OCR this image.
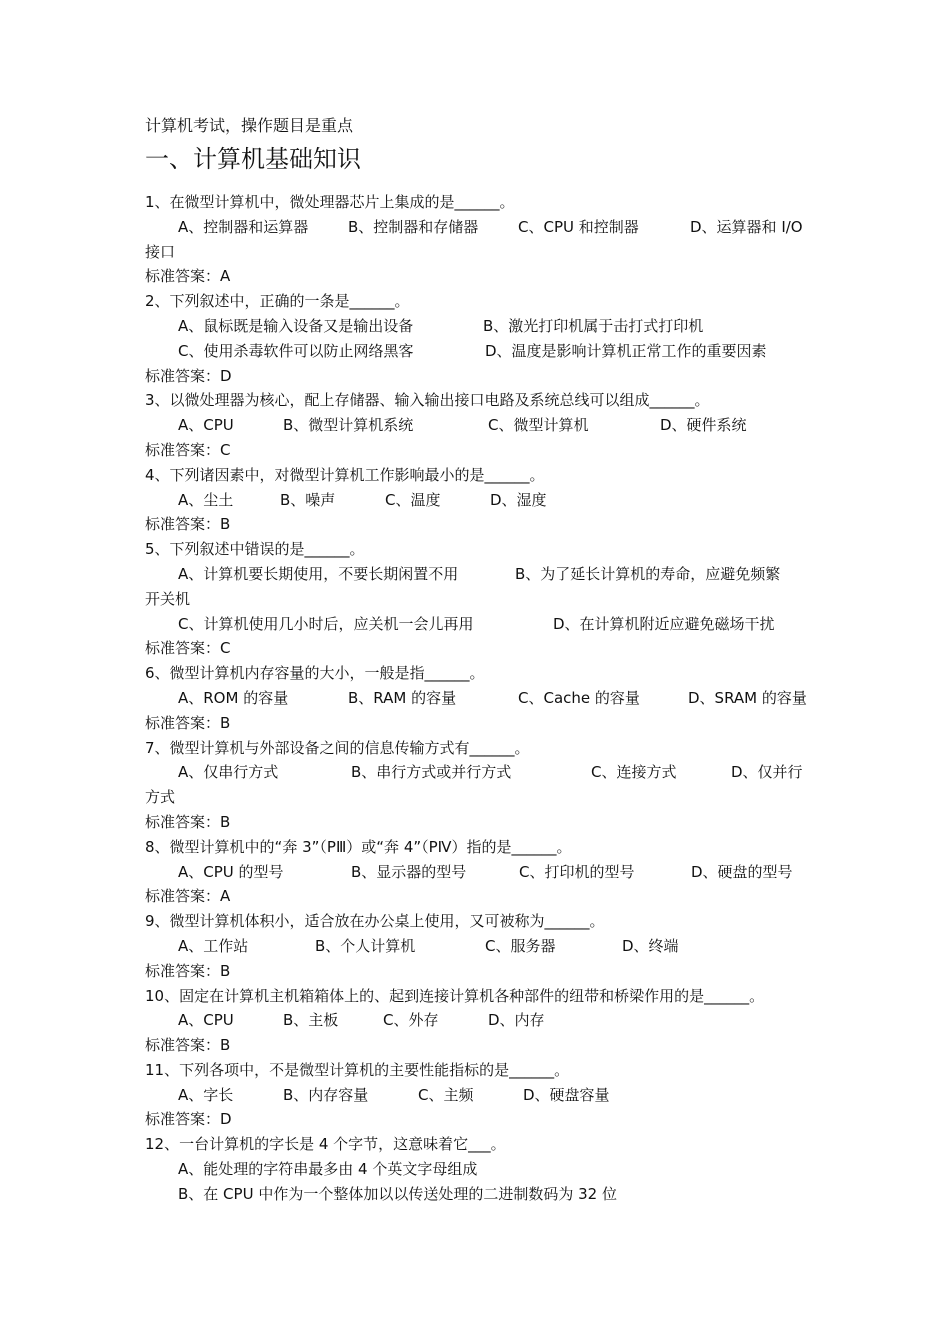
计算机考试，操作题目是重点
一、计算机基础知识
1、在微型计算机中，微处理器芯片上集成的是______。
A、控制器和运算器	B、控制器和存储器	C、CPU 和控制器	D、运算器和 I/O
接口
标准答案：A
2、下列叙述中，正确的一条是______。
A、鼠标既是输入设备又是输出设备	B、激光打印机属于击打式打印机
C、使用杀毒软件可以防止网络黑客	D、温度是影响计算机正常工作的重要因素
标准答案：D
3、以微处理器为核心，配上存储器、输入输出接口电路及系统总线可以组成______。
A、CPU	B、微型计算机系统	C、微型计算机	D、硬件系统
标准答案：C
4、下列诸因素中，对微型计算机工作影响最小的是______。
A、尘土	B、噪声	C、温度	D、湿度
标准答案：B
5、下列叙述中错误的是______。
A、计算机要长期使用，不要长期闲置不用	B、为了延长计算机的寿命，应避免频繁
开关机
C、计算机使用几小时后，应关机一会儿再用	D、在计算机附近应避免磁场干扰
标准答案：C
6、微型计算机内存容量的大小，一般是指______。
A、ROM 的容量	B、RAM 的容量	C、Cache 的容量	D、SRAM 的容量
标准答案：B
7、微型计算机与外部设备之间的信息传输方式有______。
A、仅串行方式	B、串行方式或并行方式	C、连接方式	D、仅并行
方式
标准答案：B
8、微型计算机中的“奔 3”（PⅢ）或“奔 4”（PⅣ）指的是______。
A、CPU 的型号	B、显示器的型号	C、打印机的型号	D、硬盘的型号
标准答案：A
9、微型计算机体积小，适合放在办公桌上使用，又可被称为______。
A、工作站	B、个人计算机	C、服务器	D、终端
标准答案：B
10、固定在计算机主机箱箱体上的、起到连接计算机各种部件的纽带和桥梁作用的是______。
A、CPU	B、主板	C、外存	D、内存
标准答案：B
11、下列各项中，不是微型计算机的主要性能指标的是______。
A、字长	B、内存容量	C、主频	D、硬盘容量
标准答案：D
12、一台计算机的字长是 4 个字节，这意味着它___。
A、能处理的字符串最多由 4 个英文字母组成
B、在 CPU 中作为一个整体加以以传送处理的二进制数码为 32 位
